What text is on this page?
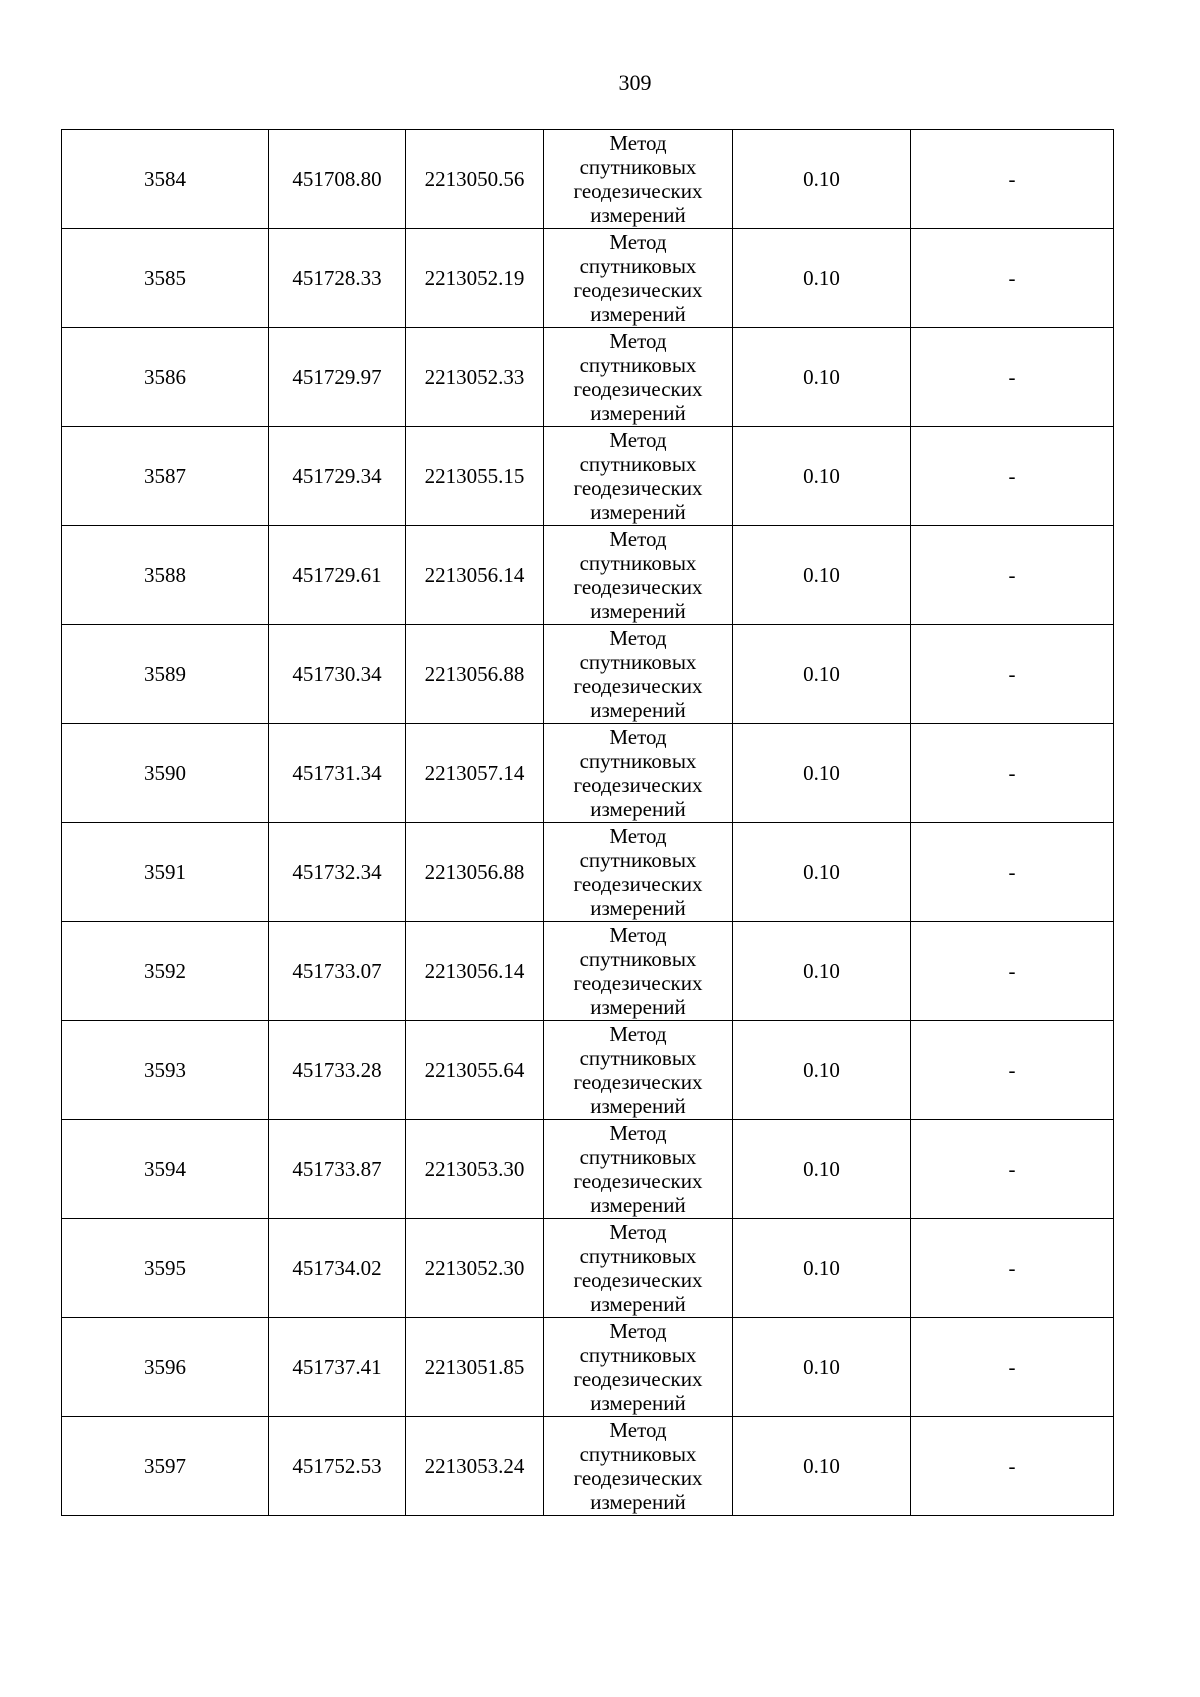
309
3584	451708.80	2213050.56	Метод
спутниковых
геодезических
измерений	0.10	-
3585	451728.33	2213052.19	Метод
спутниковых
геодезических
измерений	0.10	-
3586	451729.97	2213052.33	Метод
спутниковых
геодезических
измерений	0.10	-
3587	451729.34	2213055.15	Метод
спутниковых
геодезических
измерений	0.10	-
3588	451729.61	2213056.14	Метод
спутниковых
геодезических
измерений	0.10	-
3589	451730.34	2213056.88	Метод
спутниковых
геодезических
измерений	0.10	-
3590	451731.34	2213057.14	Метод
спутниковых
геодезических
измерений	0.10	-
3591	451732.34	2213056.88	Метод
спутниковых
геодезических
измерений	0.10	-
3592	451733.07	2213056.14	Метод
спутниковых
геодезических
измерений	0.10	-
3593	451733.28	2213055.64	Метод
спутниковых
геодезических
измерений	0.10	-
3594	451733.87	2213053.30	Метод
спутниковых
геодезических
измерений	0.10	-
3595	451734.02	2213052.30	Метод
спутниковых
геодезических
измерений	0.10	-
3596	451737.41	2213051.85	Метод
спутниковых
геодезических
измерений	0.10	-
3597	451752.53	2213053.24	Метод
спутниковых
геодезических
измерений	0.10	-
